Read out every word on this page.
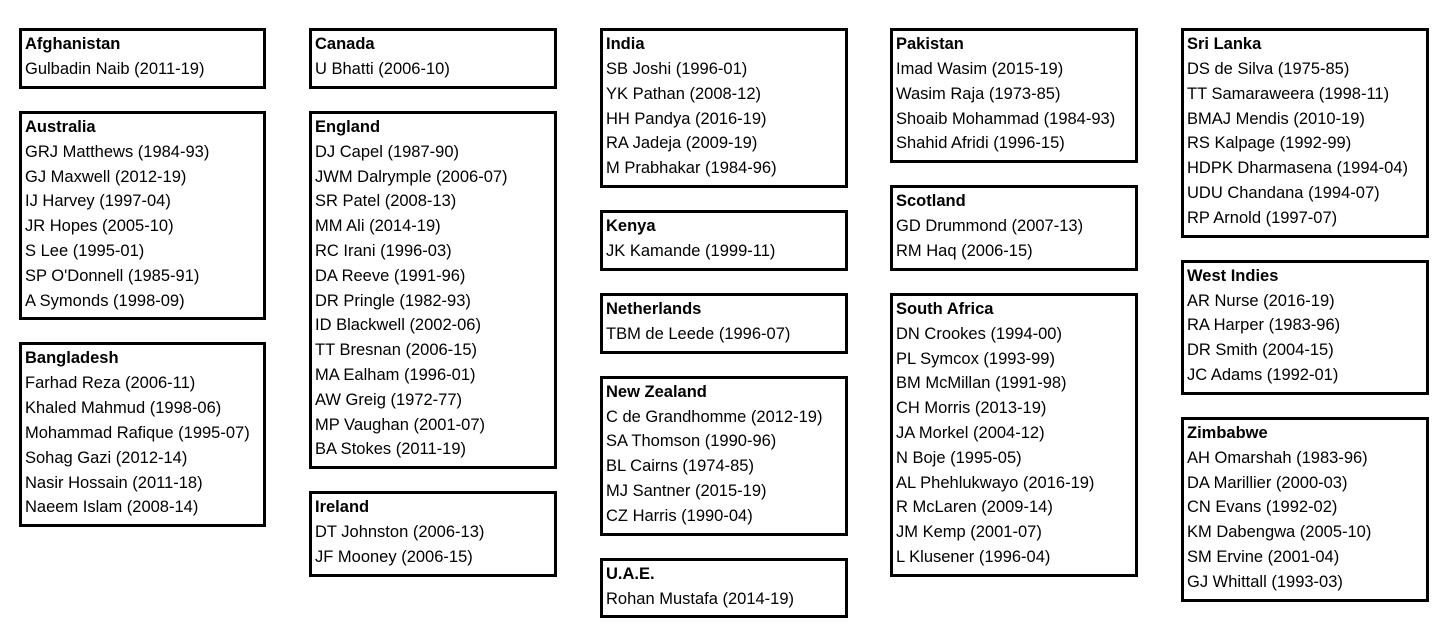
Afghanistan
Gulbadin Naib (2011-19)
Australia
GRJ Matthews (1984-93)
GJ Maxwell (2012-19)
IJ Harvey (1997-04)
JR Hopes (2005-10)
S Lee (1995-01)
SP O'Donnell (1985-91)
A Symonds (1998-09)
Bangladesh
Farhad Reza (2006-11)
Khaled Mahmud (1998-06)
Mohammad Rafique (1995-07)
Sohag Gazi (2012-14)
Nasir Hossain (2011-18)
Naeem Islam (2008-14)
Canada
U Bhatti (2006-10)
England
DJ Capel (1987-90)
JWM Dalrymple (2006-07)
SR Patel (2008-13)
MM Ali (2014-19)
RC Irani (1996-03)
DA Reeve (1991-96)
DR Pringle (1982-93)
ID Blackwell (2002-06)
TT Bresnan (2006-15)
MA Ealham (1996-01)
AW Greig (1972-77)
MP Vaughan (2001-07)
BA Stokes (2011-19)
Ireland
DT Johnston (2006-13)
JF Mooney (2006-15)
India
SB Joshi (1996-01)
YK Pathan (2008-12)
HH Pandya (2016-19)
RA Jadeja (2009-19)
M Prabhakar (1984-96)
Kenya
JK Kamande (1999-11)
Netherlands
TBM de Leede (1996-07)
New Zealand
C de Grandhomme (2012-19)
SA Thomson (1990-96)
BL Cairns (1974-85)
MJ Santner (2015-19)
CZ Harris (1990-04)
U.A.E.
Rohan Mustafa (2014-19)
Pakistan
Imad Wasim (2015-19)
Wasim Raja (1973-85)
Shoaib Mohammad (1984-93)
Shahid Afridi (1996-15)
Scotland
GD Drummond (2007-13)
RM Haq (2006-15)
South Africa
DN Crookes (1994-00)
PL Symcox (1993-99)
BM McMillan (1991-98)
CH Morris (2013-19)
JA Morkel (2004-12)
N Boje (1995-05)
AL Phehlukwayo (2016-19)
R McLaren (2009-14)
JM Kemp (2001-07)
L Klusener (1996-04)
Sri Lanka
DS de Silva (1975-85)
TT Samaraweera (1998-11)
BMAJ Mendis (2010-19)
RS Kalpage (1992-99)
HDPK Dharmasena (1994-04)
UDU Chandana (1994-07)
RP Arnold (1997-07)
West Indies
AR Nurse (2016-19)
RA Harper (1983-96)
DR Smith (2004-15)
JC Adams (1992-01)
Zimbabwe
AH Omarshah (1983-96)
DA Marillier (2000-03)
CN Evans (1992-02)
KM Dabengwa (2005-10)
SM Ervine (2001-04)
GJ Whittall (1993-03)
